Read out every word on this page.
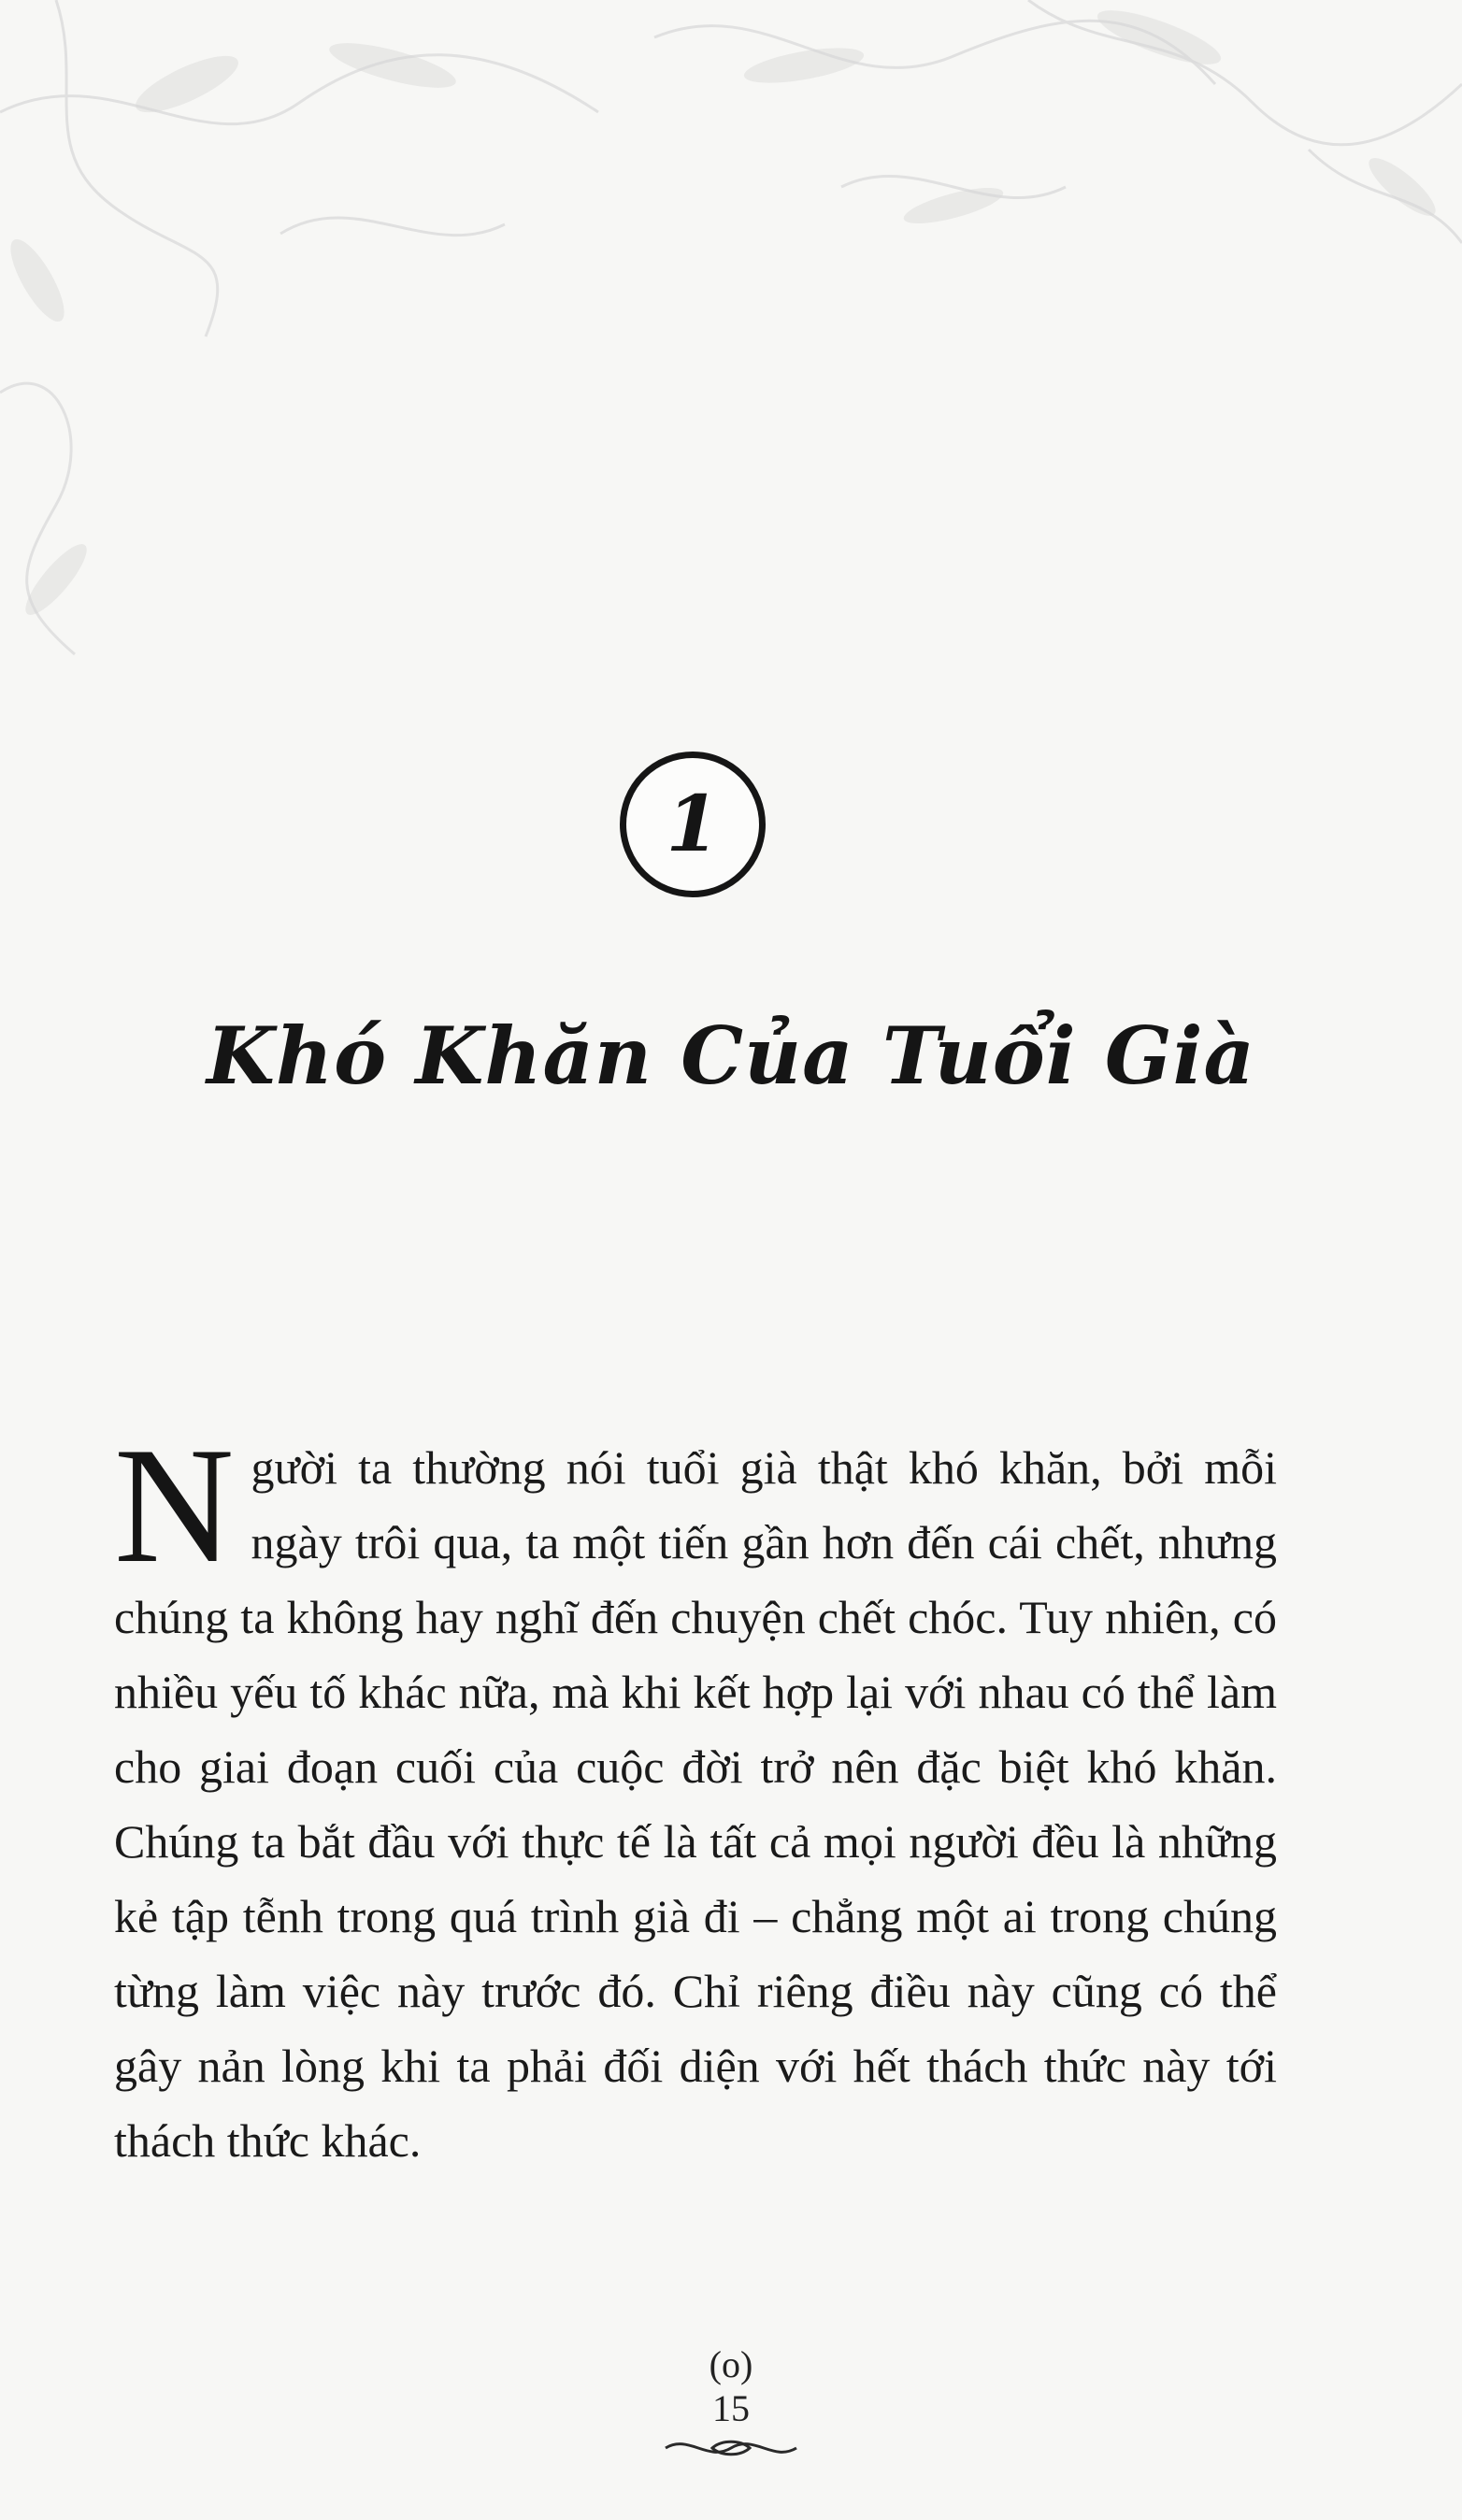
1
Khó Khăn Của Tuổi Già

Người ta thường nói tuổi già thật khó khăn, bởi mỗi ngày trôi qua, ta một tiến gần hơn đến cái chết, nhưng chúng ta không hay nghĩ đến chuyện chết chóc. Tuy nhiên, có nhiều yếu tố khác nữa, mà khi kết hợp lại với nhau có thể làm cho giai đoạn cuối của cuộc đời trở nên đặc biệt khó khăn. Chúng ta bắt đầu với thực tế là tất cả mọi người đều là những kẻ tập tễnh trong quá trình già đi – chẳng một ai trong chúng từng làm việc này trước đó. Chỉ riêng điều này cũng có thể gây nản lòng khi ta phải đối diện với hết thách thức này tới thách thức khác.

(o)
15
